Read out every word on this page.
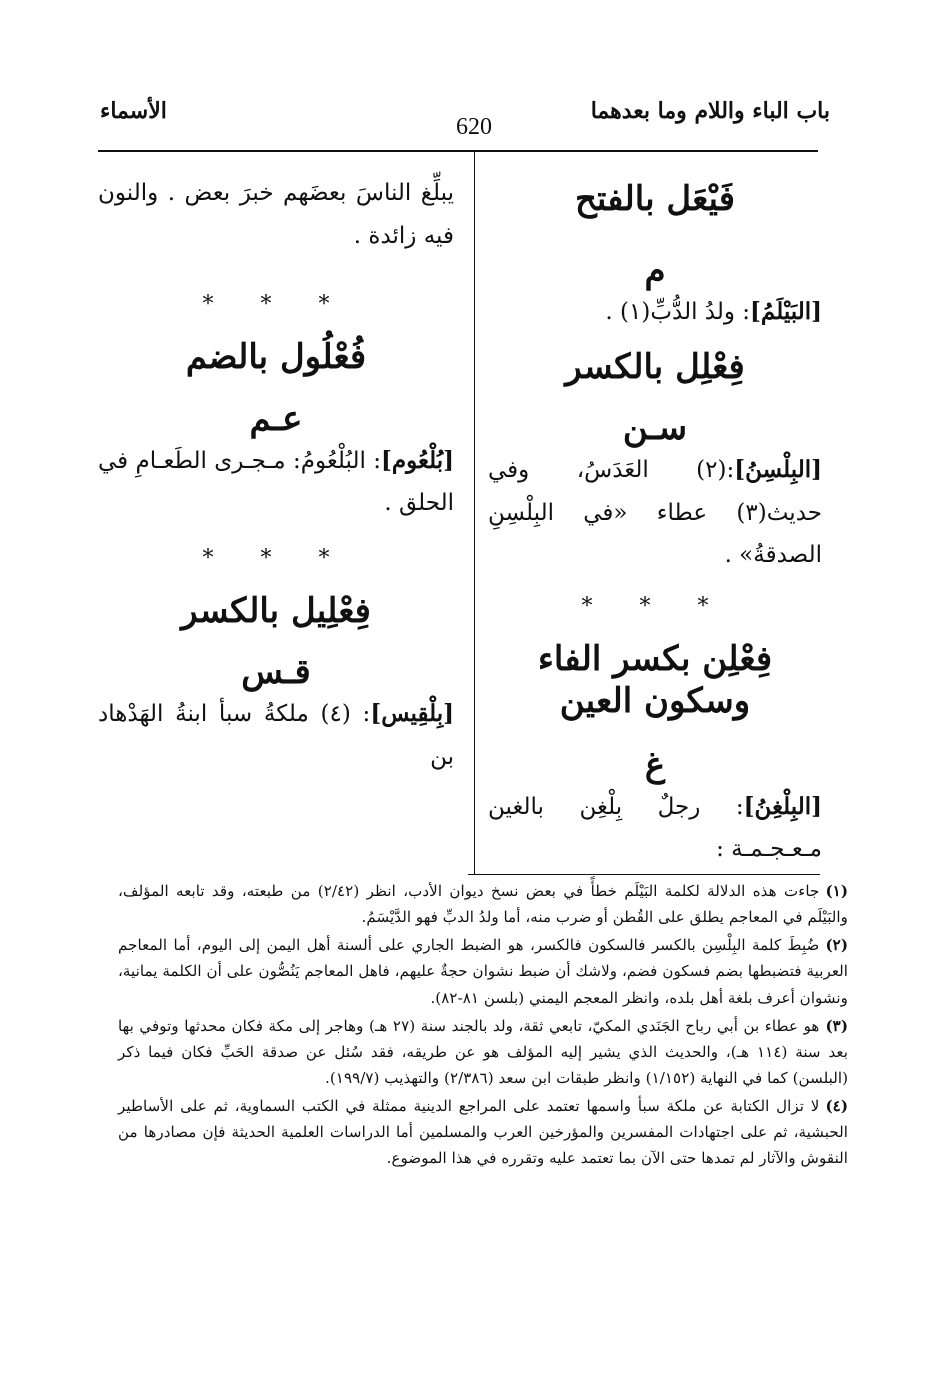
باب الباء واللام وما بعدهما
620
الأسماء

فَيْعَل بالفتح

م

[البَيْلَمُ]: ولدُ الدُّبِّ(١) .

فِعْلِل بالكسر

سـن

[البِلْسِنُ]:(٢) العَدَسُ، وفي حديث(٣) عطاء «في البِلْسِنِ الصدقةُ» .

* * *

فِعْلِن بكسر الفاء وسكون العين

غ

[البِلْغِنُ]: رجلٌ بِلْغِن بالغين مـعـجـمـة :

يبلِّغ الناسَ بعضَهم خبرَ بعض . والنون فيه زائدة .

* * *

فُعْلُول بالضم

عـم

[بُلْعُوم]: البُلْعُومُ: مـجـرى الطَعـامِ في الحلق .

* * *

فِعْلِيل بالكسر

قـس

[بِلْقِيس]: (٤) ملكةُ سبأ ابنةُ الهَدْهاد بن

(١)جاءت هذه الدلالة لكلمة البَيْلَم خطأً في بعض نسخ ديوان الأدب، انظر (٢/٤٢) من طبعته، وقد تابعه المؤلف، والبَيْلَم في المعاجم يطلق على القُطن أو ضرب منه، أما ولدُ الدبِّ فهو الدَّيْسَمُ.

(٢)ضُبِطَ كلمة البِلْسِن بالكسر فالسكون فالكسر، هو الضبط الجاري على ألسنة أهل اليمن إلى اليوم، أما المعاجم العربية فتضبطها بضم فسكون فضم، ولاشك أن ضبط نشوان حجةٌ عليهم، فاهل المعاجم يَنُصُّون على أن الكلمة يمانية، ونشوان أعرف بلغة أهل بلده، وانظر المعجم اليمني (بلسن ٨١-٨٢).

(٣)هو عطاء بن أبي رباح الجَنَدي المكيّ، تابعي ثقة، ولد بالجند سنة (٢٧ هـ) وهاجر إلى مكة فكان محدثها وتوفي بها بعد سنة (١١٤ هـ)، والحديث الذي يشير إليه المؤلف هو عن طريقه، فقد سُئل عن صدقة الحَبِّ فكان فيما ذكر (البلسن) كما في النهاية (١/١٥٢) وانظر طبقات ابن سعد (٢/٣٨٦) والتهذيب (١٩٩/٧).

(٤)لا تزال الكتابة عن ملكة سبأ واسمها تعتمد على المراجع الدينية ممثلة في الكتب السماوية، ثم على الأساطير الحبشية، ثم على اجتهادات المفسرين والمؤرخين العرب والمسلمين أما الدراسات العلمية الحديثة فإن مصادرها من النقوش والآثار لم تمدها حتى الآن بما تعتمد عليه وتقرره في هذا الموضوع.
